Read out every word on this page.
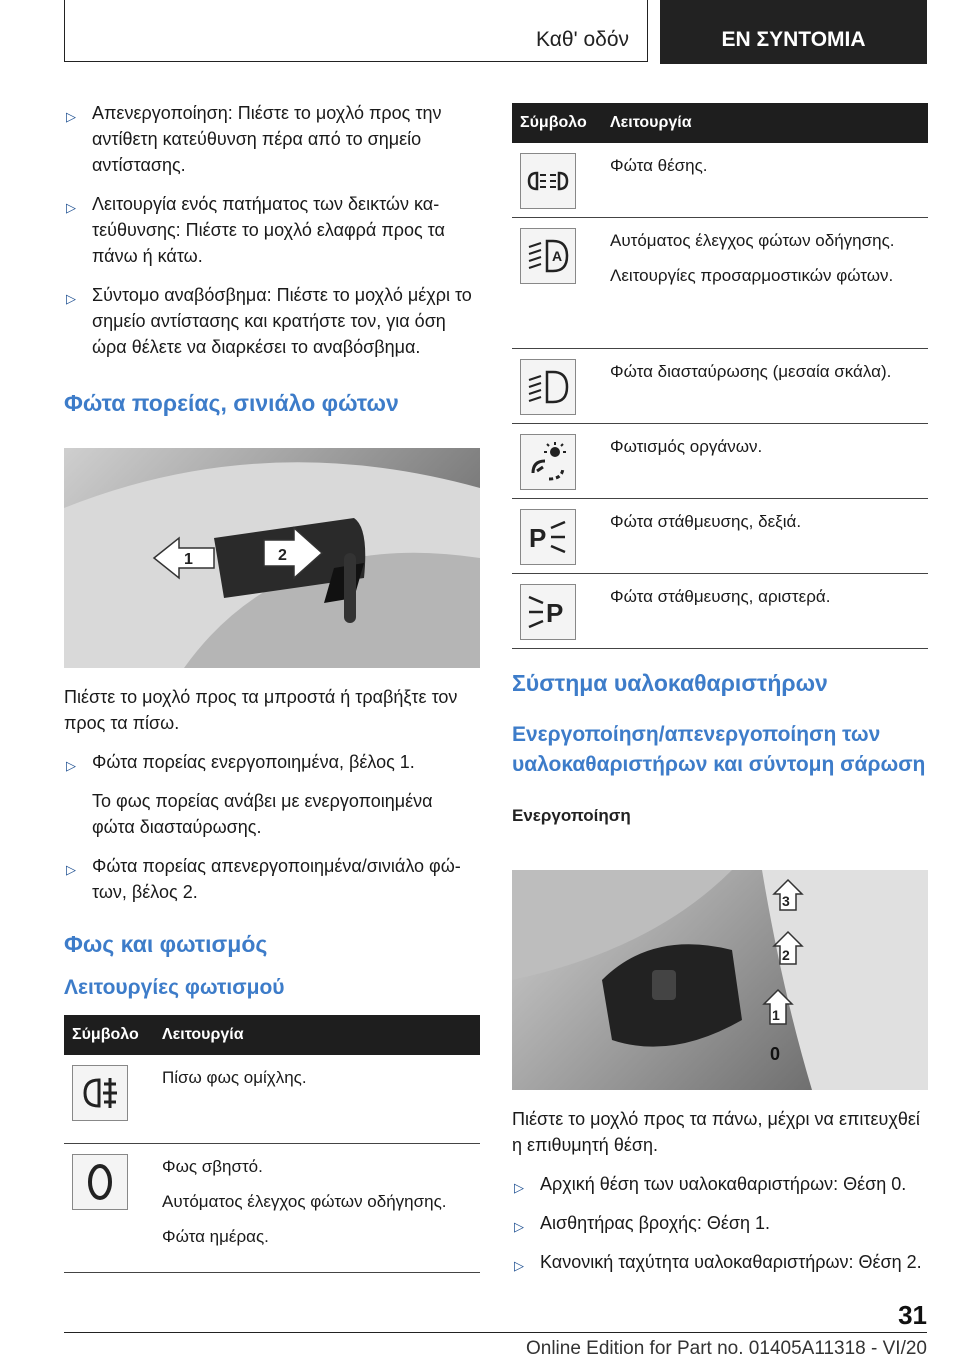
Καθ' οδόν	ΕΝ ΣΥΝΤΟΜΙΑ
▷ Απενεργοποίηση: Πιέστε το μοχλό προς την αντίθετη κατεύθυνση πέρα από το σημείο αντίστασης.
▷ Λειτουργία ενός πατήματος των δεικτών κατεύθυνσης: Πιέστε το μοχλό ελαφρά προς τα πάνω ή κάτω.
▷ Σύντομο αναβόσβημα: Πιέστε το μοχλό μέχρι το σημείο αντίστασης και κρατήστε τον, για όση ώρα θέλετε να διαρκέσει το αναβόσβημα.
Φώτα πορείας, σινιάλο φώτων
1	2
Πιέστε το μοχλό προς τα μπροστά ή τραβήξτε τον προς τα πίσω.
▷ Φώτα πορείας ενεργοποιημένα, βέλος 1.
Το φως πορείας ανάβει με ενεργοποιημένα φώτα διασταύρωσης.
▷ Φώτα πορείας απενεργοποιημένα/σινιάλο φώτων, βέλος 2.
Φως και φωτισμός
Λειτουργίες φωτισμού
Σύμβολο	Λειτουργία

Πίσω φως ομίχλης.

Φως σβηστό.
Αυτόματος έλεγχος φώτων οδήγησης.
Φώτα ημέρας.
Σύμβολο	Λειτουργία

Φώτα θέσης.

A	Αυτόματος έλεγχος φώτων οδήγησης.
Λειτουργίες προσαρμοστικών φώτων.

Φώτα διασταύρωσης (μεσαία σκάλα).

Φωτισμός οργάνων.

P	Φώτα στάθμευσης, δεξιά.

P	Φώτα στάθμευσης, αριστερά.
Σύστημα υαλοκαθαριστήρων
Ενεργοποίηση/απενεργοποίηση των υαλοκαθαριστήρων και σύντομη σάρωση
Ενεργοποίηση
3
2
1
0
Πιέστε το μοχλό προς τα πάνω, μέχρι να επιτευχθεί η επιθυμητή θέση.
▷ Αρχική θέση των υαλοκαθαριστήρων: Θέση 0.
▷ Αισθητήρας βροχής: Θέση 1.
▷ Κανονική ταχύτητα υαλοκαθαριστήρων: Θέση 2.
31
Online Edition for Part no. 01405A11318 - VI/20
